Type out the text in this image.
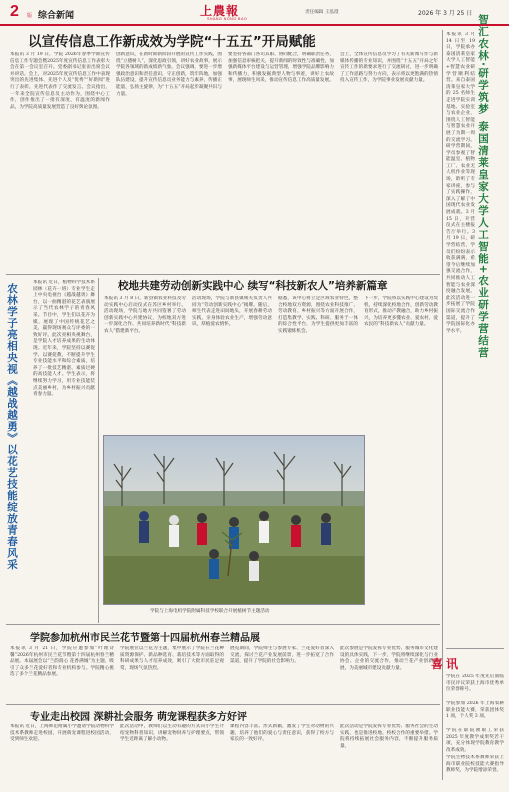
2 版 综合新闻	上農報
SHANG NONG BAO
责任编辑 王泓澄	2026 年 3 月 25 日
以宣传信息工作新成效为学院“十五五”开局赋能
本报讯 3 月 19 日，学院 2026年春季学期宣传信息工作专题会暨2025年度宣传信息工作表彰大会在第一会议室召开。党委副书记张宙出席会议并讲话。会上，对2025年度宣传信息工作中表现突出的先进集体、先进个人及“优秀”“好新闻”进行了表彰，先进代表作了交流发言。会议指出，一年来全院宣传信息员主动作为，围绕中心工作，创作推出了一批有深度、有温度的新闻作品，为学院高质量发展营造了良好舆论氛围。
创新意识，在新时期新阶段开展的宣传工作实践，围绕“立德树人”，深化思政引领，讲好农业故事，展示学院各领域的新成绩新气象。会议强调，要进一步增强政治意识和责任意识，守正创新，筑牢阵地，加强队伍建设，提升宣传信息员业务能力与素养，传播正能量，弘扬主旋律，为“十五五”开局起步凝聚共识与力量。
要坚持各部门各司其职、协同配合，明确职责任务，加强信息审核把关，提升新闻的时效性与准确性，加强新媒体平台建设与运营管理，增强学院品牌影响力和传播力，积极发掘典型人物与事迹，讲好上农故事，展现师生风采，推动宣传信息工作高质量发展。
会上，全体宣传信息员学习了有关新闻写作与新媒体传播的专业知识，并围绕“十五五”开局之年宣传工作的新要求进行了交流研讨，进一步明确了工作思路与努力方向，表示将以更饱满的热情投入宣传工作，为学院事业发展贡献力量。	智汇农林·研学筑梦 泰国清莱皇家大学人工智能+农业研学营结营
本报讯 3 月 14 日至 19 日，学院承办泰国清莱皇家大学人工智能+智慧农业研学营顺利结营。来自泰国清莱皇家大学的 25 名师生走进学院实训基地、实验室与农业企业，围绕人工智能与智慧农业开展了为期一周的交流学习。研学营期间，学员参观了智能温室、植物工厂、农业无人机作业等现场，聆听了专家讲座，参与了实践操作，深入了解了中国现代农业发展成就。3 月 15 日，开营仪式在主楼报告厅举行。3 月 19 日，研学营结营，学员们纷纷表示收获满满，希望今后继续加强交流合作，共同推动人工智能与农业深度融合发展。此次活动进一步拓展了学院国际交流合作渠道，提升了学院国际化办学水平。
农林学子亮相央视《越战越勇》以花艺技能绽放青春风采
本报讯 近日，植物科学技术系园林（花卉一班）专业学生走上中央电视台《越战越勇》舞台，以一曲精湛的花艺表演展示了当代农林学子的青春风采。节目中，学生们以花卉为媒，展现了中国传统花艺之美，赢得现场观众与评委的一致好评。此次亮相央视舞台，是学院人才培养成果的生动体现。近年来，学院坚持以赛促学、以赛促教，不断提升学生专业技能水平和综合素质，培养了一批技艺精湛、素质过硬的高技能人才。学生表示，将继续努力学习，用专业技能装点美丽乡村，为乡村振兴贡献青春力量。
校地共建劳动创新实践中心 续写“科技新农人”培养新篇章
本报讯 3 月 8 日，新县镇农业科技及劳动实践中心启动仪式在苏区乡村举行。活动现场，学院与地方共同签署了劳动创新实践中心共建协议，为校地双方进一步深化合作、共同培养新时代“科技新农人”搭建新平台。
活动现场，学院与新县镇相关负责人共同为“劳动创新实践中心”揭牌。随后，师生代表走进田间地头，开展春耕劳动实践，亲身体验农业生产，增强劳动意识，厚植爱农情怀。
据悉，该中心将立足区域农业特色，整合校地双方资源，围绕农业科技推广、劳动教育、乡村振兴等方面开展合作，打造集教学、实践、科研、服务于一体的综合性平台，为学生提供更加丰富的实践锻炼机会。
下一步，学院将以实践中心建设为契机，持续深化校地合作，创新劳动教育形式，推动产教融合，助力乡村振兴，为培养更多懂农业、爱农村、爱农民的“科技新农人”贡献力量。
学院与上海电机学院附属科技学校联合开展植树节主题活动
学院参加杭州市民兰花节暨第十四届杭州春兰精品展
本报讯 3 月 21 日，学院应邀参加“叶理诗馨”2026年杭州市民兰花节暨第十四届杭州春兰精品展。本届展会以“兰韵润心 花香满城”为主题，吸引了众多兰花爱好者和专业机构参与。学院精心挑选了多个兰花精品参展。
学院展位以兰花为主题，集中展示了学院在兰花种质资源保护、新品种选育、栽培技术等方面取得的科研成果与人才培养成效，吸引了大批市民驻足观赏，现场气氛热烈。
展览期间，学院师生与参展专家、兰花爱好者深入交流，探讨兰花产业发展前景，进一步拓宽了合作渠道，提升了学院的社会影响力。
此次参展是学院发挥专业优势、服务城市文化建设的具体实践，下一步，学院将继续深化与行业协会、企业的交流合作，推动兰花产业创新发展，为美丽城市建设贡献力量。
专业走出校园 深耕社会服务 萌宠课程获多方好评
本报讯 近日，上海师范附属小学邀请学院动物科学技术系教师走进校园，开展萌宠课程进校园活动，受到师生欢迎。
此次活动中，教师们以生动有趣的方式向小学生介绍宠物科普知识，讲解宠物饲养与护理要点，带领学生近距离了解小动物。
课程内容丰富、形式新颖，激发了学生对动物的兴趣，培养了他们的爱心与责任意识，获得了校方与家长的一致好评。
此次活动是学院发挥专业优势、服务社会的生动实践，也是推进校地、校校合作的重要举措。学院将持续拓展社会服务内容，不断提升服务质量。
喜讯
学院在 2025 年度先后面临市民评议荣获上海市优秀单位荣誉称号。
学院参加 2026 年上海农耕职业技能大赛，荣获团体奖 1 项，个人奖 3 项。
学院在职院教职工荣获 2025 年度教学成果奖若干项，充分体现学院教育教学改革成效。
学院生物技术系教师荣获上海市职业院校技能大赛指导教师奖，为学院增添荣誉。
